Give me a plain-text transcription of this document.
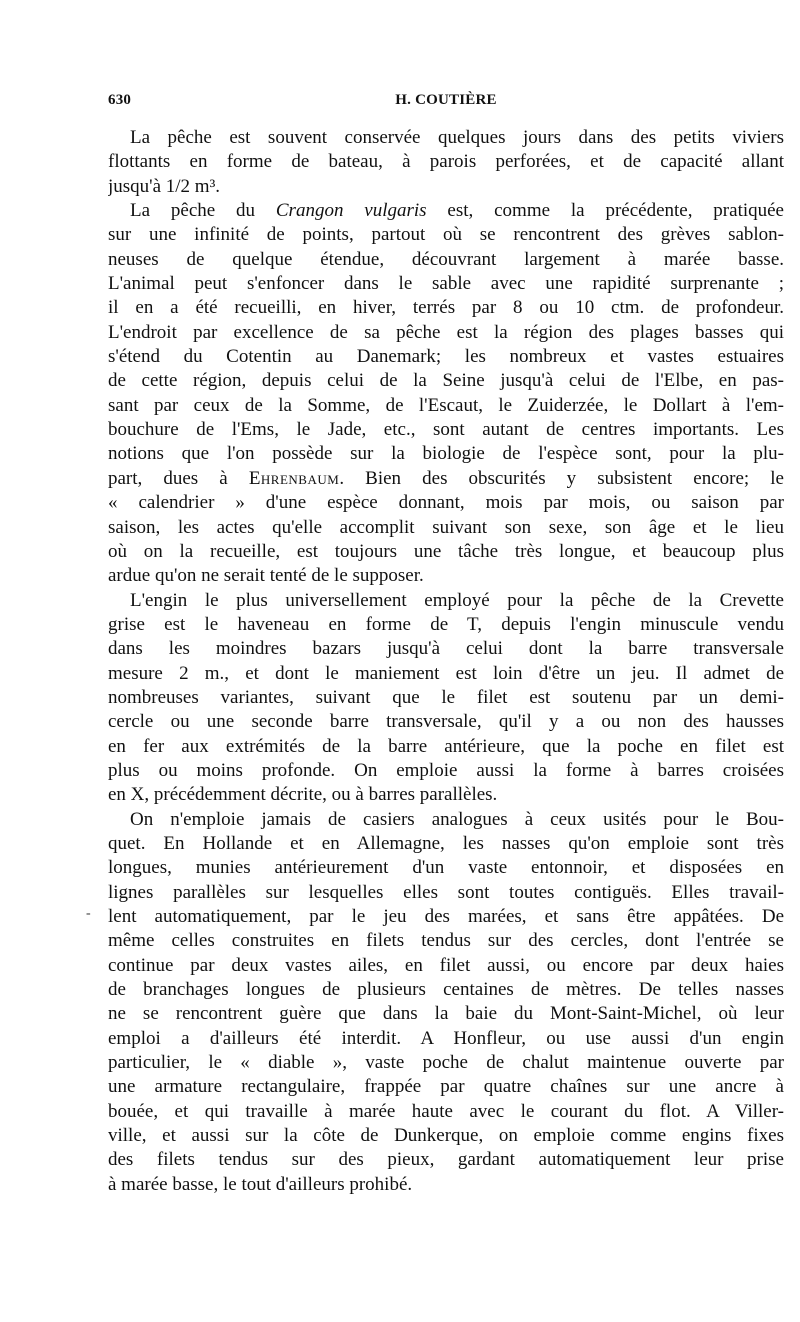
630	H. COUTIÈRE
-
La pêche est souvent conservée quelques jours dans des petits viviers
flottants en forme de bateau, à parois perforées, et de capacité allant
jusqu'à 1/2 m³.
La pêche du Crangon vulgaris est, comme la précédente, pratiquée
sur une infinité de points, partout où se rencontrent des grèves sablon-
neuses de quelque étendue, découvrant largement à marée basse.
L'animal peut s'enfoncer dans le sable avec une rapidité surprenante ;
il en a été recueilli, en hiver, terrés par 8 ou 10 ctm. de profondeur.
L'endroit par excellence de sa pêche est la région des plages basses qui
s'étend du Cotentin au Danemark; les nombreux et vastes estuaires
de cette région, depuis celui de la Seine jusqu'à celui de l'Elbe, en pas-
sant par ceux de la Somme, de l'Escaut, le Zuiderzée, le Dollart à l'em-
bouchure de l'Ems, le Jade, etc., sont autant de centres importants. Les
notions que l'on possède sur la biologie de l'espèce sont, pour la plu-
part, dues à Ehrenbaum. Bien des obscurités y subsistent encore; le
« calendrier » d'une espèce donnant, mois par mois, ou saison par
saison, les actes qu'elle accomplit suivant son sexe, son âge et le lieu
où on la recueille, est toujours une tâche très longue, et beaucoup plus
ardue qu'on ne serait tenté de le supposer.
L'engin le plus universellement employé pour la pêche de la Crevette
grise est le haveneau en forme de T, depuis l'engin minuscule vendu
dans les moindres bazars jusqu'à celui dont la barre transversale
mesure 2 m., et dont le maniement est loin d'être un jeu. Il admet de
nombreuses variantes, suivant que le filet est soutenu par un demi-
cercle ou une seconde barre transversale, qu'il y a ou non des hausses
en fer aux extrémités de la barre antérieure, que la poche en filet est
plus ou moins profonde. On emploie aussi la forme à barres croisées
en X, précédemment décrite, ou à barres parallèles.
On n'emploie jamais de casiers analogues à ceux usités pour le Bou-
quet. En Hollande et en Allemagne, les nasses qu'on emploie sont très
longues, munies antérieurement d'un vaste entonnoir, et disposées en
lignes parallèles sur lesquelles elles sont toutes contiguës. Elles travail-
lent automatiquement, par le jeu des marées, et sans être appâtées. De
même celles construites en filets tendus sur des cercles, dont l'entrée se
continue par deux vastes ailes, en filet aussi, ou encore par deux haies
de branchages longues de plusieurs centaines de mètres. De telles nasses
ne se rencontrent guère que dans la baie du Mont-Saint-Michel, où leur
emploi a d'ailleurs été interdit. A Honfleur, ou use aussi d'un engin
particulier, le « diable », vaste poche de chalut maintenue ouverte par
une armature rectangulaire, frappée par quatre chaînes sur une ancre à
bouée, et qui travaille à marée haute avec le courant du flot. A Viller-
ville, et aussi sur la côte de Dunkerque, on emploie comme engins fixes
des filets tendus sur des pieux, gardant automatiquement leur prise
à marée basse, le tout d'ailleurs prohibé.
